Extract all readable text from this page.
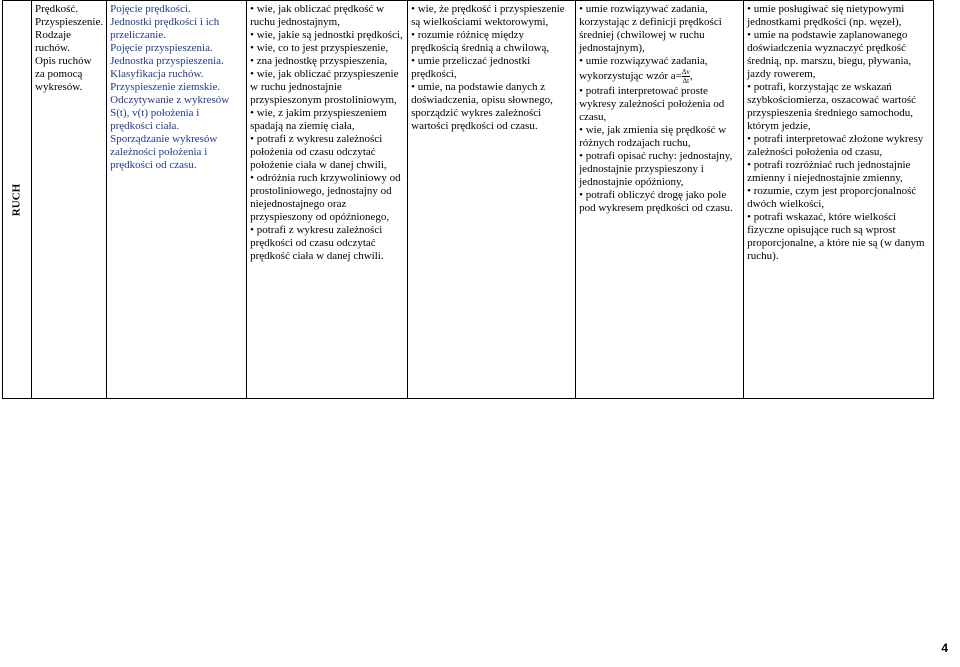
RUCH

Prędkość.
Przyspieszenie.
Rodzaje ruchów.
Opis ruchów za pomocą wykresów.

Pojęcie prędkości.
Jednostki prędkości i ich przeliczanie.
Pojęcie przyspieszenia.
Jednostka przyspieszenia.
Klasyfikacja ruchów.
Przyspieszenie ziemskie.
Odczytywanie z wykresów S(t), v(t) położenia i prędkości ciała.
Sporządzanie wykresów zależności położenia i prędkości od czasu.

• wie, jak obliczać prędkość w ruchu jednostajnym,
• wie, jakie są jednostki prędkości,
• wie, co to jest przyspieszenie,
• zna jednostkę przyspieszenia,
• wie, jak obliczać przyspieszenie w ruchu jednostajnie przyspieszonym prostoliniowym,
• wie, z jakim przyspieszeniem spadają na ziemię ciała,
• potrafi z wykresu zależności położenia od czasu odczytać położenie ciała w danej chwili,
• odróżnia ruch krzywoliniowy od prostoliniowego, jednostajny od niejednostajnego oraz przyspieszony od opóźnionego,
• potrafi z wykresu zależności prędkości od czasu odczytać prędkość ciała w danej chwili.

• wie, że prędkość i przyspieszenie są wielkościami wektorowymi,
• rozumie różnicę między prędkością średnią a chwilową,
• umie przeliczać jednostki prędkości,
• umie, na podstawie danych z doświadczenia, opisu słownego, sporządzić wykres zależności wartości prędkości od czasu.

• umie rozwiązywać zadania, korzystając z definicji prędkości średniej (chwilowej w ruchu jednostajnym),
• umie rozwiązywać zadania, wykorzystując wzór $a= \frac{\Delta v}{\Delta t}$ ,
• potrafi interpretować proste wykresy zależności położenia od czasu,
• wie, jak zmienia się prędkość w różnych rodzajach ruchu,
• potrafi opisać ruchy: jednostajny, jednostajnie przyspieszony i jednostajnie opóźniony,
• potrafi obliczyć drogę jako pole pod wykresem prędkości od czasu.

• umie posługiwać się nietypowymi jednostkami prędkości (np. węzeł),
• umie na podstawie zaplanowanego doświadczenia wyznaczyć prędkość średnią, np. marszu, biegu, pływania, jazdy rowerem,
• potrafi, korzystając ze wskazań szybkościomierza, oszacować wartość przyspieszenia średniego samochodu, którym jedzie,
• potrafi interpretować złożone wykresy zależności położenia od czasu,
• potrafi rozróżniać ruch jednostajnie zmienny i niejednostajnie zmienny,
• rozumie, czym jest proporcjonalność dwóch wielkości,
• potrafi wskazać, które wielkości fizyczne opisujące ruch są wprost proporcjonalne, a które nie są (w danym ruchu).
4
